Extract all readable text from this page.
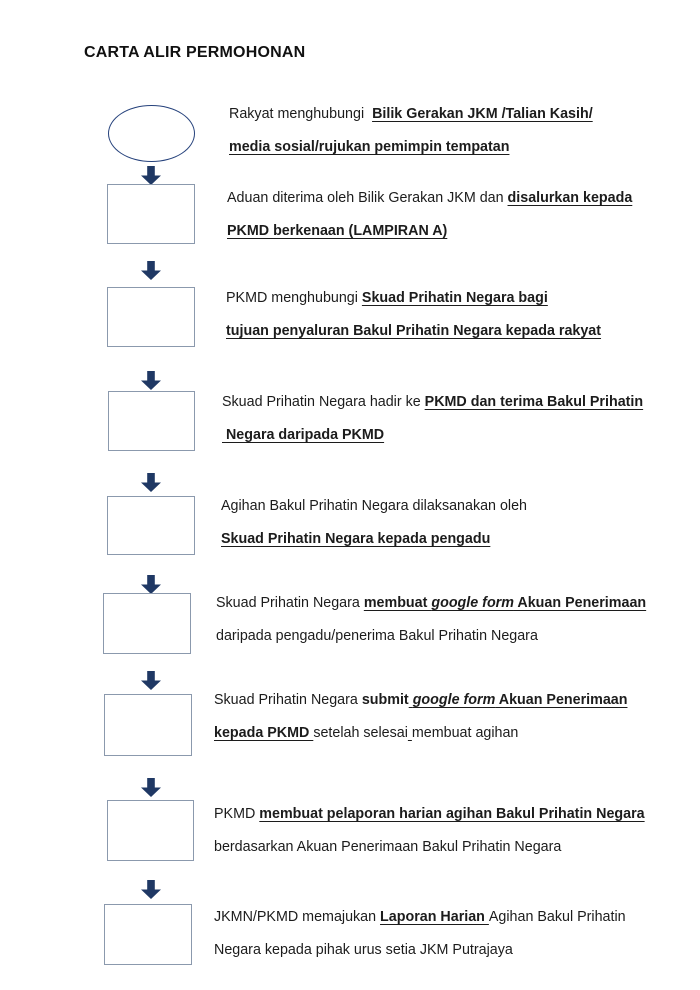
CARTA ALIR PERMOHONAN
Rakyat menghubungi  Bilik Gerakan JKM /Talian Kasih/
media sosial/rujukan pemimpin tempatan
Aduan diterima oleh Bilik Gerakan JKM dan disalurkan kepada
PKMD berkenaan (LAMPIRAN A)
PKMD menghubungi Skuad Prihatin Negara bagi
tujuan penyaluran Bakul Prihatin Negara kepada rakyat
Skuad Prihatin Negara hadir ke PKMD dan terima Bakul Prihatin
Negara daripada PKMD
Agihan Bakul Prihatin Negara dilaksanakan oleh
Skuad Prihatin Negara kepada pengadu
Skuad Prihatin Negara membuat google form Akuan Penerimaan
daripada pengadu/penerima Bakul Prihatin Negara
Skuad Prihatin Negara submit google form Akuan Penerimaan
kepada PKMD setelah selesai membuat agihan
PKMD membuat pelaporan harian agihan Bakul Prihatin Negara
berdasarkan Akuan Penerimaan Bakul Prihatin Negara
JKMN/PKMD memajukan Laporan Harian Agihan Bakul Prihatin
Negara kepada pihak urus setia JKM Putrajaya
